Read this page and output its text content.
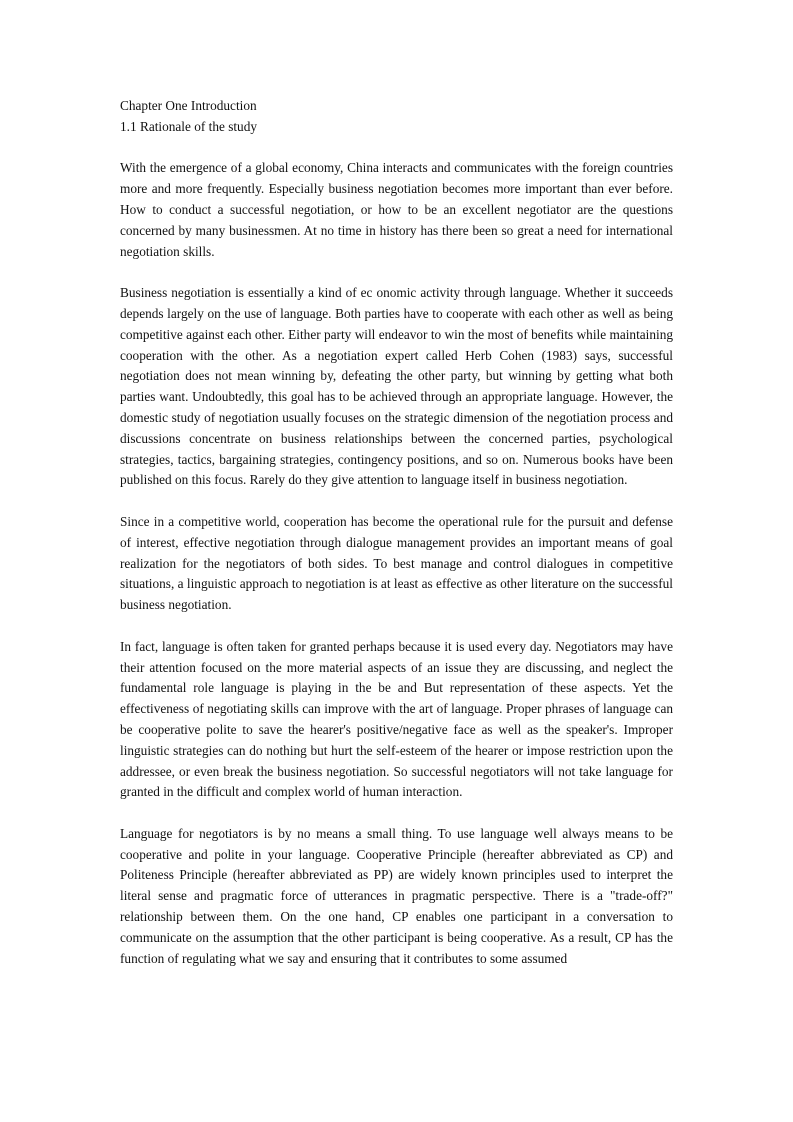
Chapter One Introduction

1.1 Rationale of the study

With the emergence of a global economy, China interacts and communicates with the foreign countries more and more frequently. Especially business negotiation becomes more important than ever before. How to conduct a successful negotiation, or how to be an excellent negotiator are the questions concerned by many businessmen. At no time in history has there been so great a need for international negotiation skills.

Business negotiation is essentially a kind of ec onomic activity through language. Whether it succeeds depends largely on the use of language. Both parties have to cooperate with each other as well as being competitive against each other. Either party will endeavor to win the most of benefits while maintaining cooperation with the other. As a negotiation expert called Herb Cohen (1983) says, successful negotiation does not mean winning by, defeating the other party, but winning by getting what both parties want. Undoubtedly, this goal has to be achieved through an appropriate language. However, the domestic study of negotiation usually focuses on the strategic dimension of the negotiation process and discussions concentrate on business relationships between the concerned parties, psychological strategies, tactics, bargaining strategies, contingency positions, and so on. Numerous books have been published on this focus. Rarely do they give attention to language itself in business negotiation.

Since in a competitive world, cooperation has become the operational rule for the pursuit and defense of interest, effective negotiation through dialogue management provides an important means of goal realization for the negotiators of both sides. To best manage and control dialogues in competitive situations, a linguistic approach to negotiation is at least as effective as other literature on the successful business negotiation.

In fact, language is often taken for granted perhaps because it is used every day. Negotiators may have their attention focused on the more material aspects of an issue they are discussing, and neglect the fundamental role language is playing in the be and But representation of these aspects. Yet the effectiveness of negotiating skills can improve with the art of language. Proper phrases of language can be cooperative polite to save the hearer's positive/negative face as well as the speaker's. Improper linguistic strategies can do nothing but hurt the self-esteem of the hearer or impose restriction upon the addressee, or even break the business negotiation. So successful negotiators will not take language for granted in the difficult and complex world of human interaction.

Language for negotiators is by no means a small thing. To use language well always means to be cooperative and polite in your language. Cooperative Principle (hereafter abbreviated as CP) and Politeness Principle (hereafter abbreviated as PP) are widely known principles used to interpret the literal sense and pragmatic force of utterances in pragmatic perspective. There is a "trade-off?" relationship between them. On the one hand, CP enables one participant in a conversation to communicate on the assumption that the other participant is being cooperative. As a result, CP has the function of regulating what we say and ensuring that it contributes to some assumed
